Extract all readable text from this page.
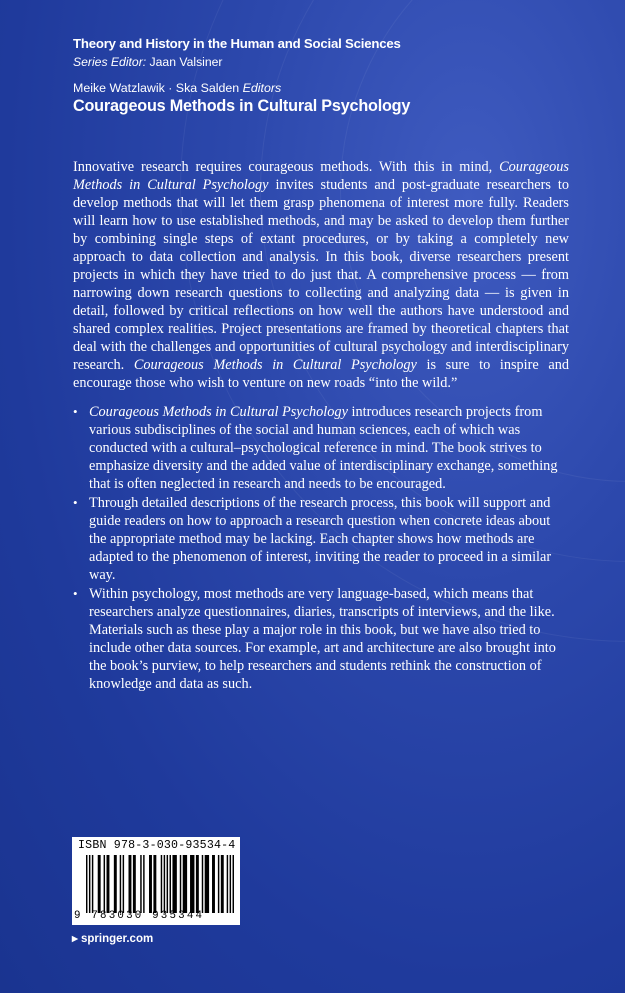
Theory and History in the Human and Social Sciences
Series Editor: Jaan Valsiner
Meike Watzlawik · Ska Salden Editors
Courageous Methods in Cultural Psychology

Innovative research requires courageous methods. With this in mind, Courageous Methods in Cultural Psychology invites students and post-graduate researchers to develop methods that will let them grasp phenomena of interest more fully. Readers will learn how to use established methods, and may be asked to develop them further by combining single steps of extant procedures, or by taking a completely new approach to data collection and analysis. In this book, diverse researchers present projects in which they have tried to do just that. A comprehensive process — from narrowing down research questions to collecting and analyzing data — is given in detail, followed by critical reflections on how well the authors have understood and shared complex realities. Project presentations are framed by theoretical chapters that deal with the challenges and opportunities of cultural psychology and interdisciplinary research. Courageous Methods in Cultural Psychology is sure to inspire and encourage those who wish to venture on new roads “into the wild.”

• Courageous Methods in Cultural Psychology introduces research projects from various subdisciplines of the social and human sciences, each of which was conducted with a cultural–psychological reference in mind. The book strives to emphasize diversity and the added value of interdisciplinary exchange, something that is often neglected in research and needs to be encouraged.
• Through detailed descriptions of the research process, this book will support and guide readers on how to approach a research question when concrete ideas about the appropriate method may be lacking. Each chapter shows how methods are adapted to the phenomenon of interest, inviting the reader to proceed in a similar way.
• Within psychology, most methods are very language-based, which means that researchers analyze questionnaires, diaries, transcripts of interviews, and the like. Materials such as these play a major role in this book, but we have also tried to include other data sources. For example, art and architecture are also brought into the book’s purview, to help researchers and students rethink the construction of knowledge and data as such.
ISBN 978-3-030-93534-4
9 783030 935344
▸ springer.com
